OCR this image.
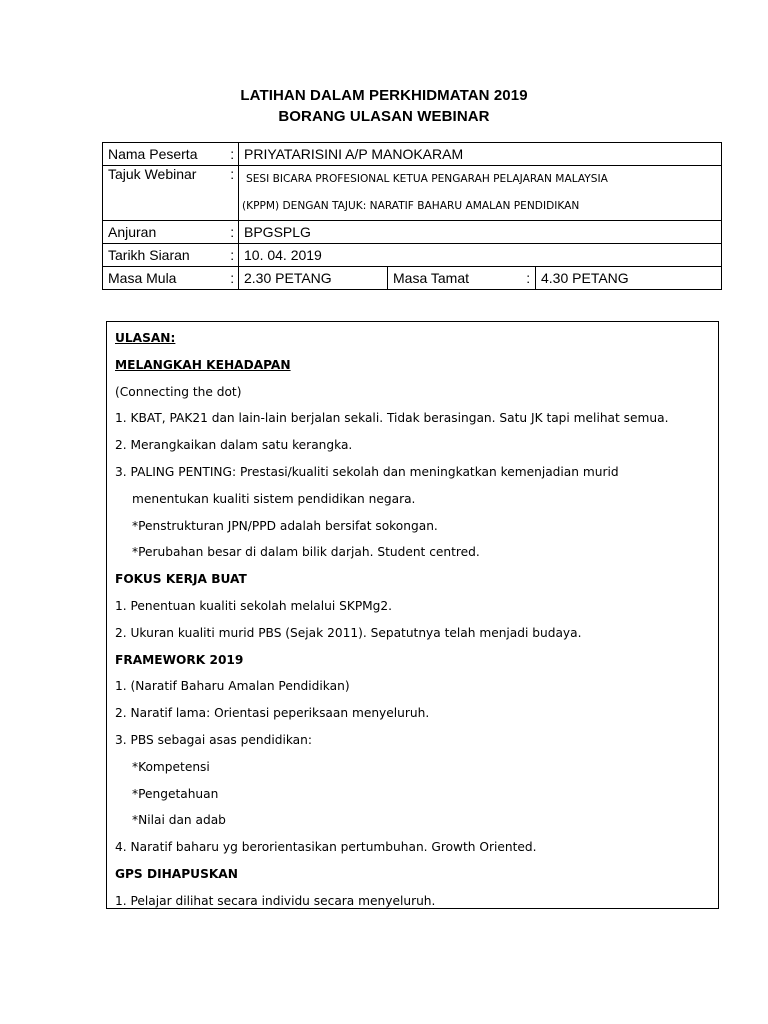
LATIHAN DALAM PERKHIDMATAN 2019
BORANG ULASAN WEBINAR
Nama Peserta	:	PRIYATARISINI A/P MANOKARAM			
Tajuk Webinar	:	SESI BICARA PROFESIONAL KETUA PENGARAH PELAJARAN MALAYSIA
(KPPM) DENGAN TAJUK: NARATIF BAHARU AMALAN PENDIDIKAN			

Anjuran	:	BPGSPLG			
Tarikh Siaran	:	10. 04. 2019			
Masa Mula	:	2.30 PETANG	Masa Tamat	:	4.30 PETANG
ULASAN:
MELANGKAH KEHADAPAN
(Connecting the dot)
1. KBAT, PAK21 dan lain-lain berjalan sekali. Tidak berasingan. Satu JK tapi melihat semua.
2. Merangkaikan dalam satu kerangka.
3. PALING PENTING: Prestasi/kualiti sekolah dan meningkatkan kemenjadian murid
menentukan kualiti sistem pendidikan negara.
*Penstrukturan JPN/PPD adalah bersifat sokongan.
*Perubahan besar di dalam bilik darjah. Student centred.
FOKUS KERJA BUAT
1. Penentuan kualiti sekolah melalui SKPMg2.
2. Ukuran kualiti murid PBS (Sejak 2011). Sepatutnya telah menjadi budaya.
FRAMEWORK 2019
1. (Naratif Baharu Amalan Pendidikan)
2. Naratif lama: Orientasi peperiksaan menyeluruh.
3. PBS sebagai asas pendidikan:
*Kompetensi
*Pengetahuan
*Nilai dan adab
4. Naratif baharu yg berorientasikan pertumbuhan. Growth Oriented.
GPS DIHAPUSKAN
1. Pelajar dilihat secara individu secara menyeluruh.
